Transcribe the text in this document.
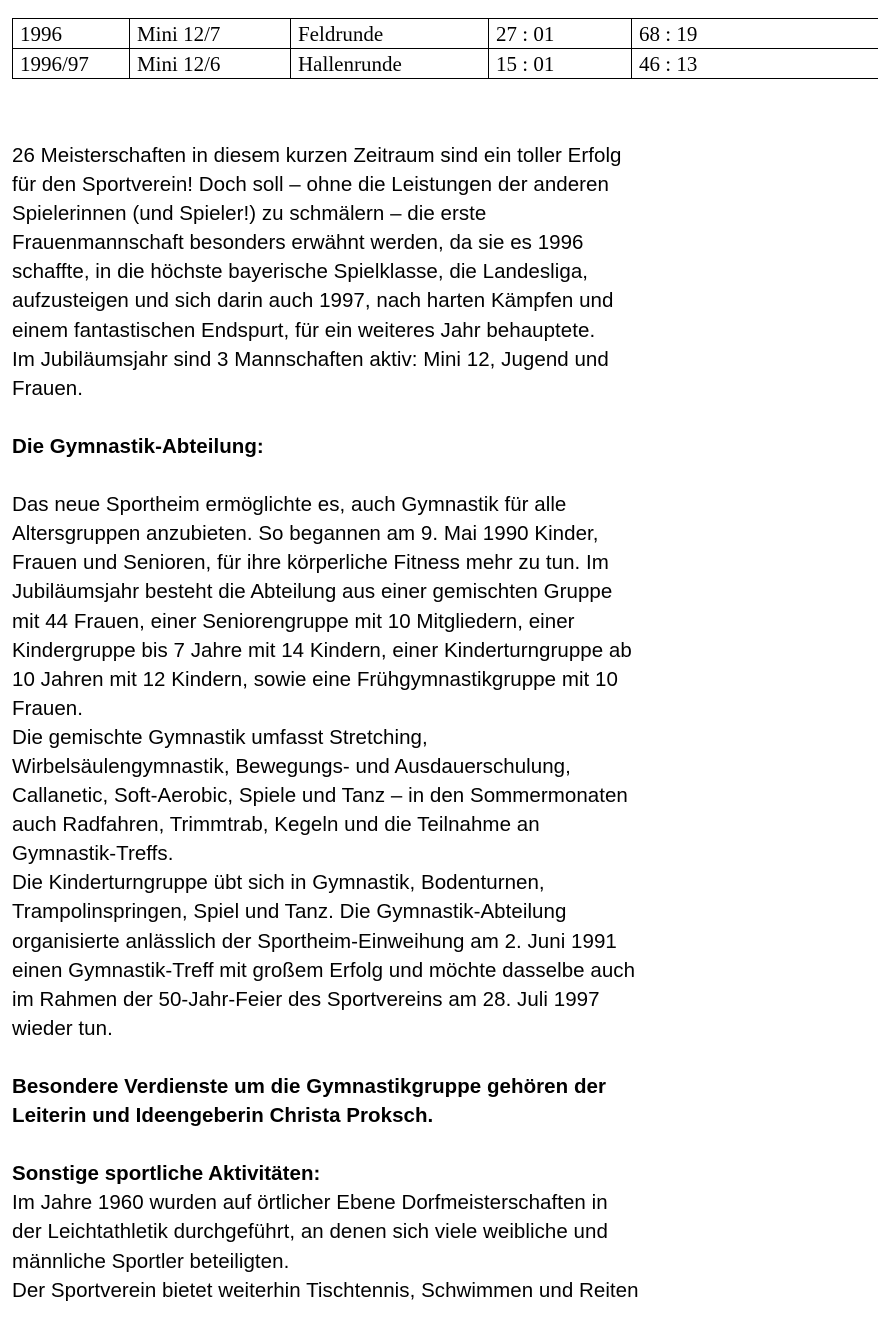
1996	Mini 12/7	Feldrunde	27 : 01	68 : 19
1996/97	Mini 12/6	Hallenrunde	15 : 01	46 : 13

26 Meisterschaften in diesem kurzen Zeitraum sind ein toller Erfolg
für den Sportverein! Doch soll – ohne die Leistungen der anderen
Spielerinnen (und Spieler!) zu schmälern – die erste
Frauenmannschaft besonders erwähnt werden, da sie es 1996
schaffte, in die höchste bayerische Spielklasse, die Landesliga,
aufzusteigen und sich darin auch 1997, nach harten Kämpfen und
einem fantastischen Endspurt, für ein weiteres Jahr behauptete.
Im Jubiläumsjahr sind 3 Mannschaften aktiv: Mini 12, Jugend und
Frauen.

Die Gymnastik-Abteilung:

Das neue Sportheim ermöglichte es, auch Gymnastik für alle
Altersgruppen anzubieten. So begannen am 9. Mai 1990 Kinder,
Frauen und Senioren, für ihre körperliche Fitness mehr zu tun. Im
Jubiläumsjahr besteht die Abteilung aus einer gemischten Gruppe
mit 44 Frauen, einer Seniorengruppe mit 10 Mitgliedern, einer
Kindergruppe bis 7 Jahre mit 14 Kindern, einer Kinderturngruppe ab
10 Jahren mit 12 Kindern, sowie eine Frühgymnastikgruppe mit 10
Frauen.
Die gemischte Gymnastik umfasst Stretching,
Wirbelsäulengymnastik, Bewegungs- und Ausdauerschulung,
Callanetic, Soft-Aerobic, Spiele und Tanz – in den Sommermonaten
auch Radfahren, Trimmtrab, Kegeln und die Teilnahme an
Gymnastik-Treffs.
Die Kinderturngruppe übt sich in Gymnastik, Bodenturnen,
Trampolinspringen, Spiel und Tanz. Die Gymnastik-Abteilung
organisierte anlässlich der Sportheim-Einweihung am 2. Juni 1991
einen Gymnastik-Treff mit großem Erfolg und möchte dasselbe auch
im Rahmen der 50-Jahr-Feier des Sportvereins am 28. Juli 1997
wieder tun.

Besondere Verdienste um die Gymnastikgruppe gehören der
Leiterin und Ideengeberin Christa Proksch.

Sonstige sportliche Aktivitäten:

Im Jahre 1960 wurden auf örtlicher Ebene Dorfmeisterschaften in
der Leichtathletik durchgeführt, an denen sich viele weibliche und
männliche Sportler beteiligten.
Der Sportverein bietet weiterhin Tischtennis, Schwimmen und Reiten
